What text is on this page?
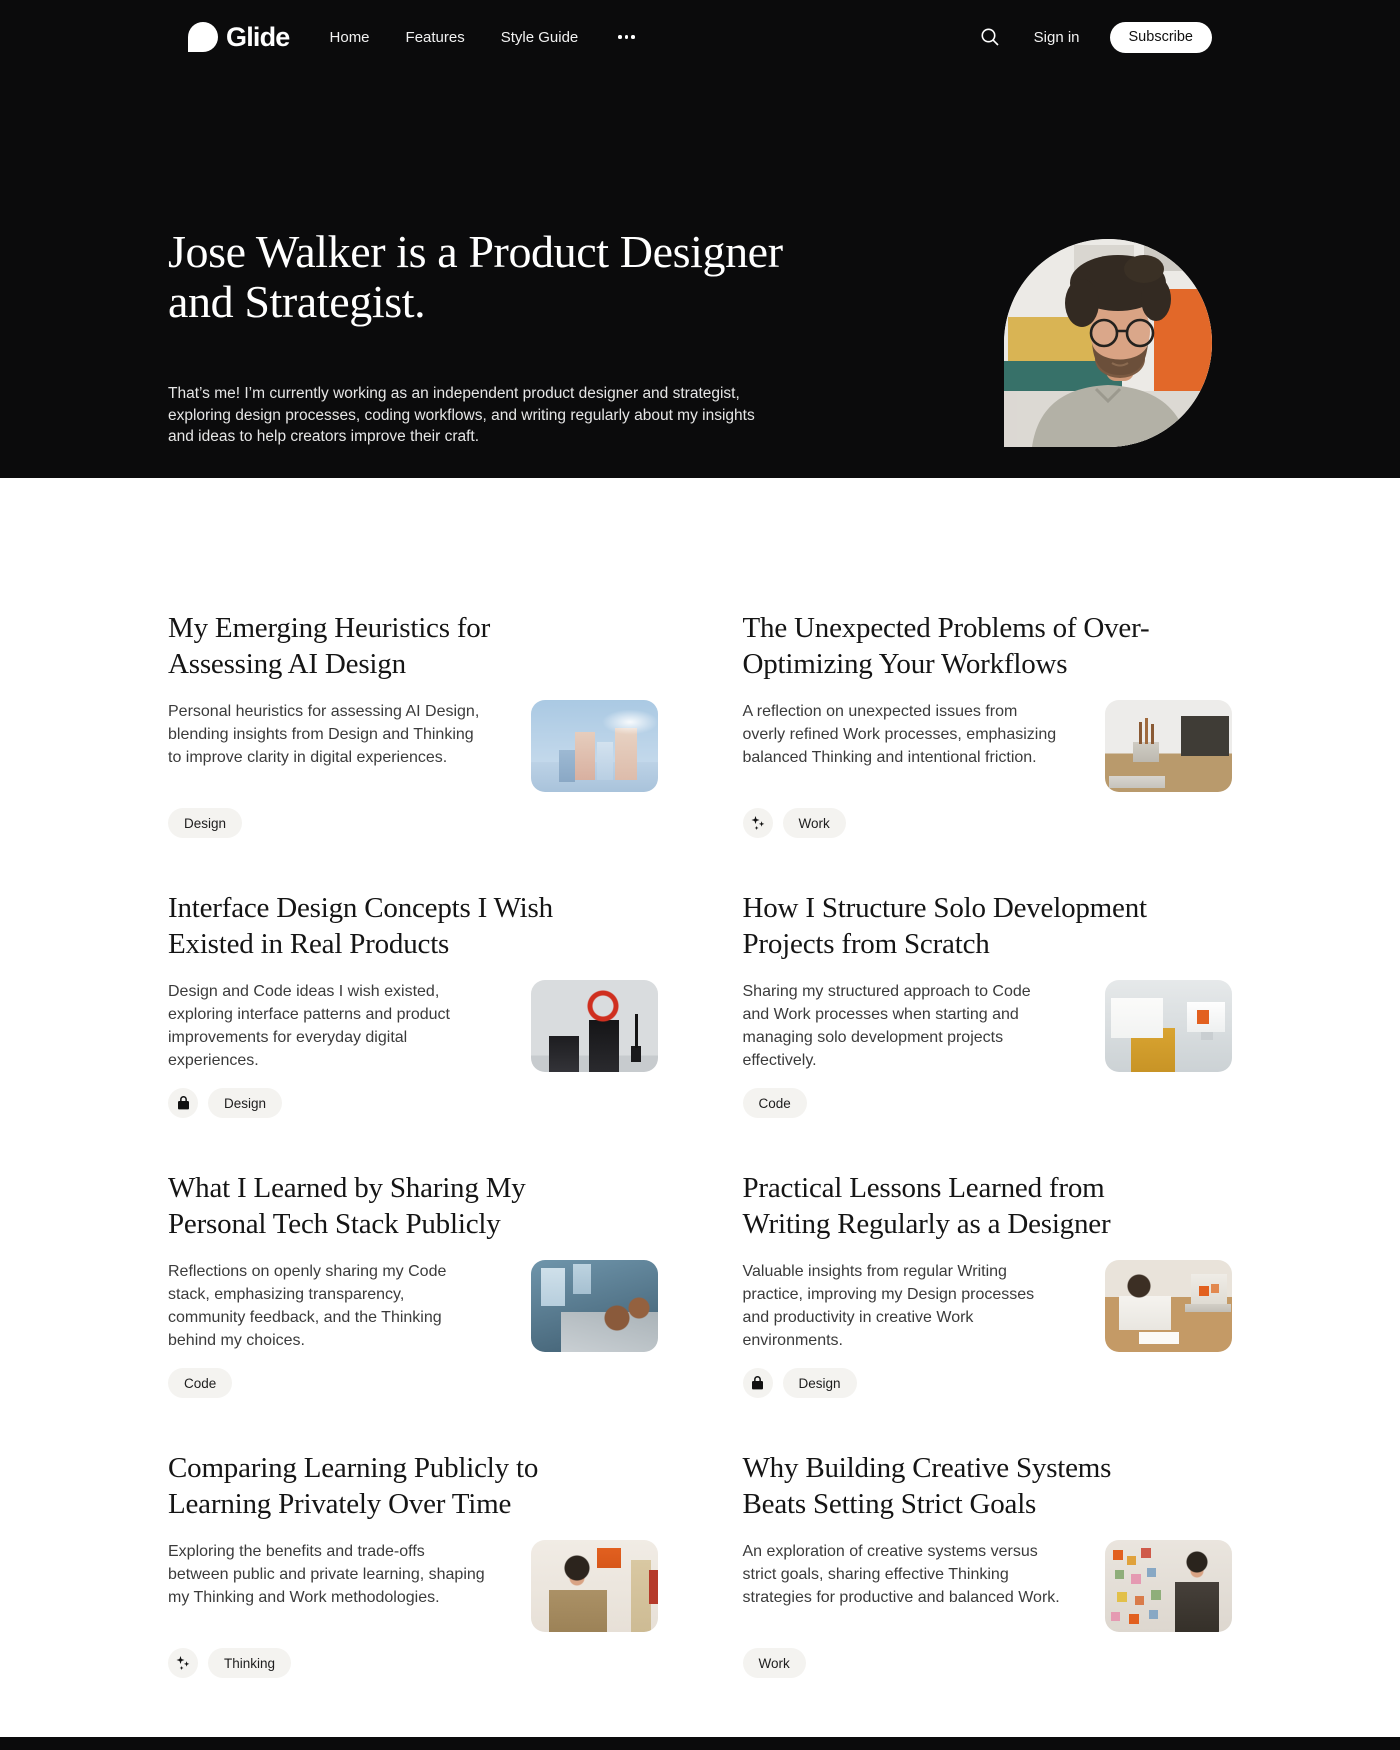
Glide	Home Features Style Guide	Sign in	Subscribe
Jose Walker is a Product Designer and Strategist.

That’s me! I’m currently working as an independent product designer and strategist, exploring design processes, coding workflows, and writing regularly about my insights and ideas to help creators improve their craft.

My Emerging Heuristics for Assessing AI Design

Personal heuristics for assessing AI Design, blending insights from Design and Thinking to improve clarity in digital experiences.

Design
The Unexpected Problems of Over-Optimizing Your Workflows

A reflection on unexpected issues from overly refined Work processes, emphasizing balanced Thinking and intentional friction.

Work
Interface Design Concepts I Wish Existed in Real Products

Design and Code ideas I wish existed, exploring interface patterns and product improvements for everyday digital experiences.

Design
How I Structure Solo Development Projects from Scratch

Sharing my structured approach to Code and Work processes when starting and managing solo development projects effectively.

Code
What I Learned by Sharing My Personal Tech Stack Publicly

Reflections on openly sharing my Code stack, emphasizing transparency, community feedback, and the Thinking behind my choices.

Code
Practical Lessons Learned from Writing Regularly as a Designer

Valuable insights from regular Writing practice, improving my Design processes and productivity in creative Work environments.

Design
Comparing Learning Publicly to Learning Privately Over Time

Exploring the benefits and trade-offs between public and private learning, shaping my Thinking and Work methodologies.

Thinking
Why Building Creative Systems Beats Setting Strict Goals

An exploration of creative systems versus strict goals, sharing effective Thinking strategies for productive and balanced Work.

Work
